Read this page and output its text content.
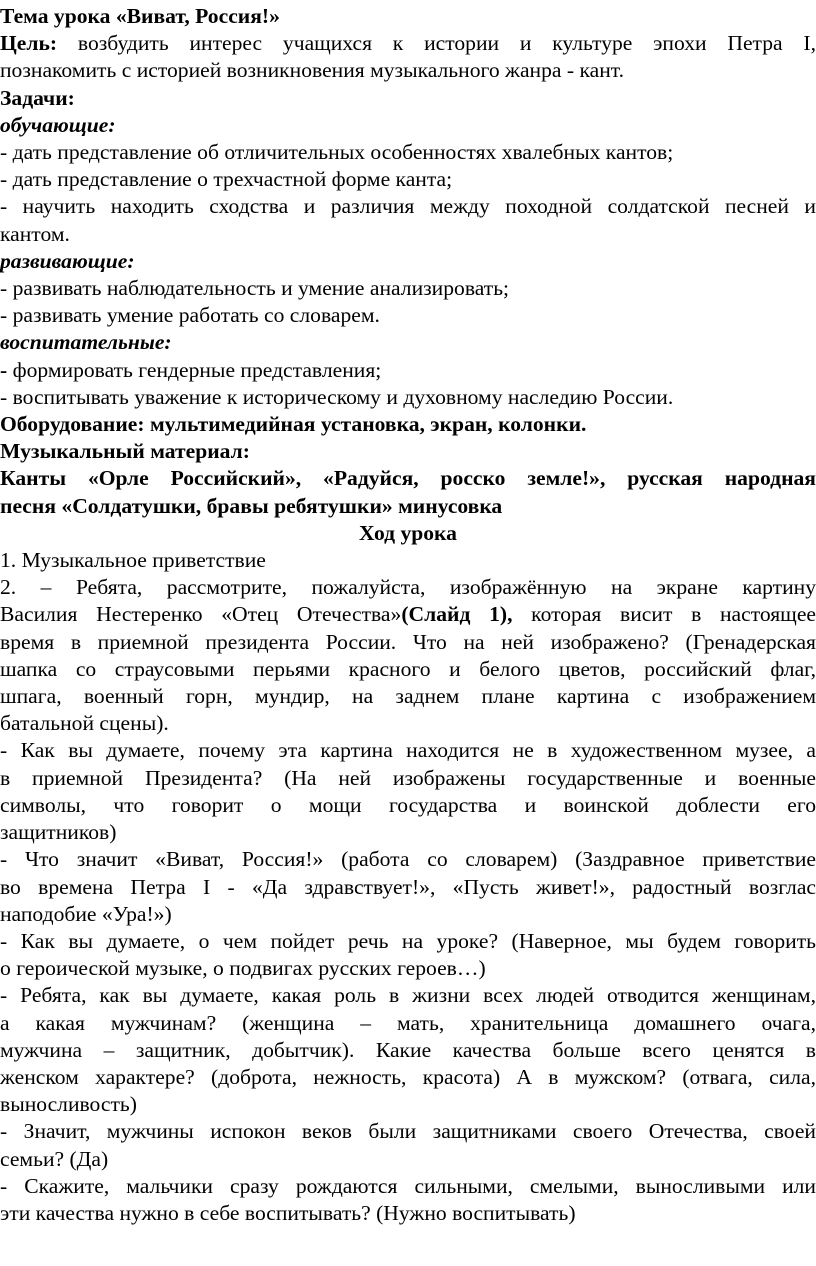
Тема урока «Виват, Россия!»
Цель: возбудить интерес учащихся к истории и культуре эпохи Петра I,
познакомить с историей возникновения музыкального жанра - кант.
Задачи:
обучающие:
- дать представление об отличительных особенностях хвалебных кантов;
- дать представление о трехчастной форме канта;
- научить находить сходства и различия между походной солдатской песней и
кантом.
развивающие:
- развивать наблюдательность и умение анализировать;
- развивать умение работать со словарем.
воспитательные:
- формировать гендерные представления;
- воспитывать уважение к историческому и духовному наследию России.
Оборудование: мультимедийная установка, экран, колонки.
Музыкальный материал:
Канты «Орле Российский», «Радуйся, росско земле!», русская народная
песня «Солдатушки, бравы ребятушки» минусовка
Ход урока
1. Музыкальное приветствие
2. – Ребята, рассмотрите, пожалуйста, изображённую на экране картину
Василия Нестеренко «Отец Отечества»(Слайд 1), которая висит в настоящее
время в приемной президента России. Что на ней изображено? (Гренадерская
шапка со страусовыми перьями красного и белого цветов, российский флаг,
шпага, военный горн, мундир, на заднем плане картина с изображением
батальной сцены).
- Как вы думаете, почему эта картина находится не в художественном музее, а
в приемной Президента? (На ней изображены государственные и военные
символы, что говорит о мощи государства и воинской доблести его
защитников)
- Что значит «Виват, Россия!» (работа со словарем) (Заздравное приветствие
во времена Петра I - «Да здравствует!», «Пусть живет!», радостный возглас
наподобие «Ура!»)
- Как вы думаете, о чем пойдет речь на уроке? (Наверное, мы будем говорить
о героической музыке, о подвигах русских героев…)
- Ребята, как вы думаете, какая роль в жизни всех людей отводится женщинам,
а какая мужчинам? (женщина – мать, хранительница домашнего очага,
мужчина – защитник, добытчик). Какие качества больше всего ценятся в
женском характере? (доброта, нежность, красота) А в мужском? (отвага, сила,
выносливость)
- Значит, мужчины испокон веков были защитниками своего Отечества, своей
семьи? (Да)
- Скажите, мальчики сразу рождаются сильными, смелыми, выносливыми или
эти качества нужно в себе воспитывать? (Нужно воспитывать)
